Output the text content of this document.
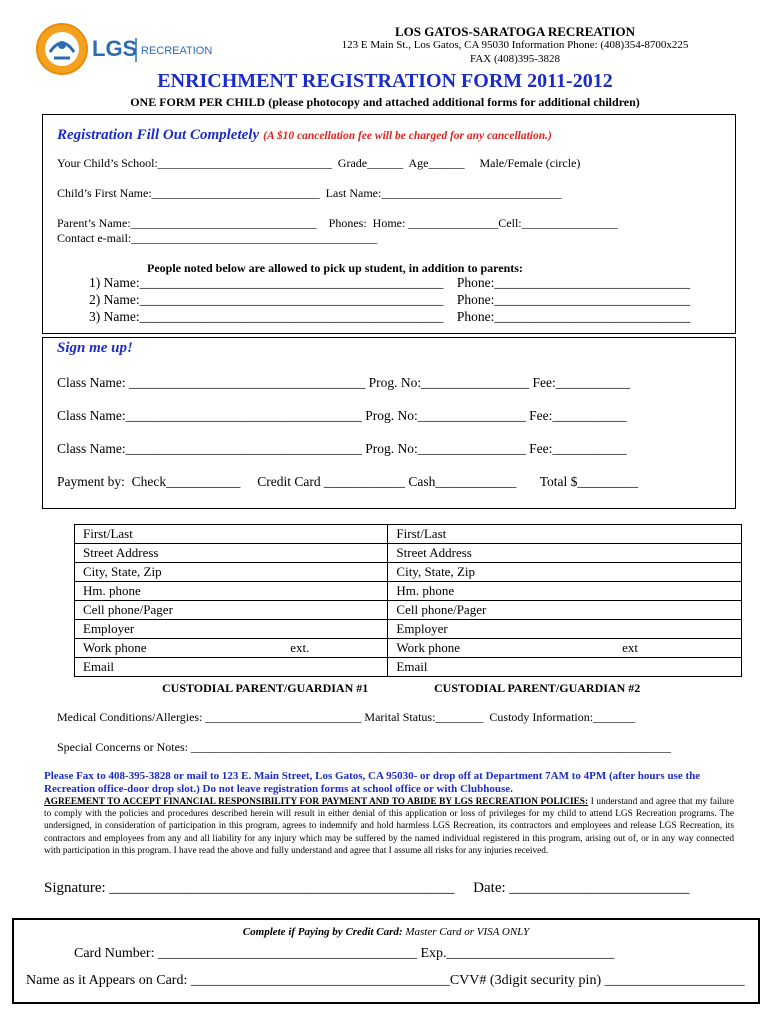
LGS RECREATION
LOS GATOS-SARATOGA RECREATION
123 E Main St., Los Gatos, CA 95030 Information Phone: (408)354-8700x225
FAX (408)395-3828
ENRICHMENT REGISTRATION FORM 2011-2012
ONE FORM PER CHILD (please photocopy and attached additional forms for additional children)
Registration Fill Out Completely (A $10 cancellation fee will be charged for any cancellation.)
Your Child’s School:_____________________________  Grade______  Age______     Male/Female (circle)
Child’s First Name:____________________________  Last Name:______________________________
Parent’s Name:_______________________________    Phones:  Home: _______________Cell:________________
Contact e-mail:_________________________________________
People noted below are allowed to pick up student, in addition to parents:
1) Name:_____________________________________________    Phone:_____________________________
2) Name:_____________________________________________    Phone:_____________________________
3) Name:_____________________________________________    Phone:_____________________________
Sign me up!
Class Name: ___________________________________ Prog. No:________________ Fee:___________
Class Name:___________________________________ Prog. No:________________ Fee:___________
Class Name:___________________________________ Prog. No:________________ Fee:___________
Payment by:  Check___________     Credit Card ____________ Cash____________       Total $_________
First/Last	First/Last
Street Address	Street Address
City, State, Zip	City, State, Zip
Hm. phone	Hm. phone
Cell phone/Pager	Cell phone/Pager
Employer	Employer
Work phone ext.	Work phone ext

Email	Email
CUSTODIAL PARENT/GUARDIAN #1	CUSTODIAL PARENT/GUARDIAN #2
Medical Conditions/Allergies: __________________________ Marital Status:________  Custody Information:_______
Special Concerns or Notes: ________________________________________________________________________________
Please Fax to 408-395-3828 or mail to 123 E. Main Street, Los Gatos, CA 95030- or drop off at Department 7AM to 4PM (after hours use the Recreation office-door drop slot.) Do not leave registration forms at school office or with Clubhouse.
AGREEMENT TO ACCEPT FINANCIAL RESPONSIBILITY FOR PAYMENT AND TO ABIDE BY LGS RECREATION POLICIES: I understand and agree that my failure to comply with the policies and procedures described herein will result in either denial of this application or loss of privileges for my child to attend LGS Recreation programs. The undersigned, in consideration of participation in this program, agrees to indemnify and hold harmless LGS Recreation, its contractors and employees and release LGS Recreation, its contractors and employees from any and all liability for any injury which may be suffered by the named individual registered in this program, arising out of, or in any way connected with participation in this program. I have read the above and fully understand and agree that I assume all risks for any injuries received.
Signature: ______________________________________________     Date: ________________________
Complete if Paying by Credit Card: Master Card or VISA ONLY
Card Number: _____________________________________ Exp.________________________
Name as it Appears on Card: _____________________________________CVV# (3digit security pin) ____________________
